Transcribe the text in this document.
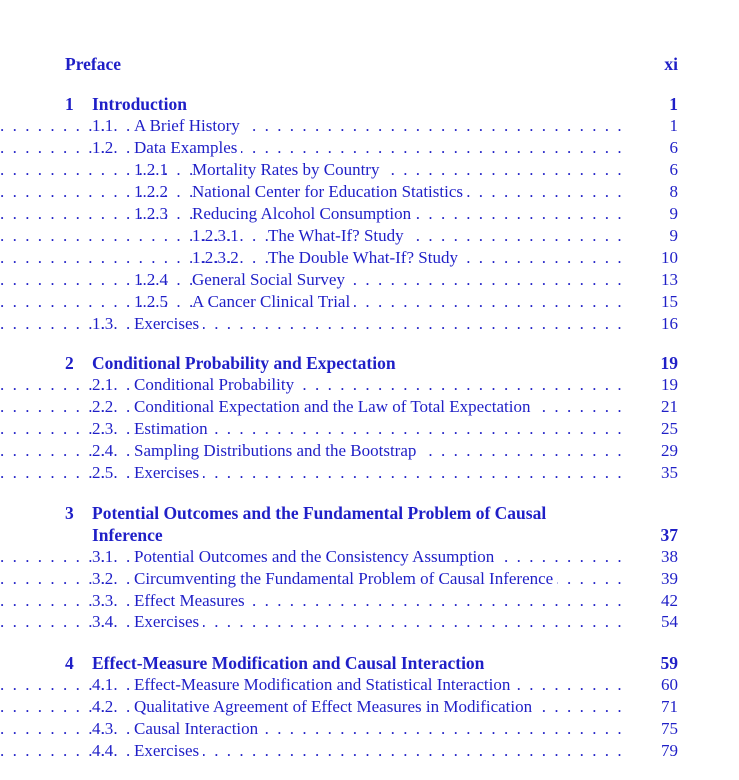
Preface	xi
1 Introduction	1
. . .
1.1 A Brief History	1
. . .
1.2 Data Examples	6
. . .
1.2.1 Mortality Rates by Country	6
. . .
1.2.2 National Center for Education Statistics	8
. . .
1.2.3 Reducing Alcohol Consumption	9
. . .
1.2.3.1 The What-If? Study	9
. . .
1.2.3.2 The Double What-If? Study	10
. . .
1.2.4 General Social Survey	13
. . .
1.2.5 A Cancer Clinical Trial	15
. . .
1.3 Exercises	16
2 Conditional Probability and Expectation	19
. . .
2.1 Conditional Probability	19
. . .
2.2 Conditional Expectation and the Law of Total Expectation	21
. . .
2.3 Estimation	25
. . .
2.4 Sampling Distributions and the Bootstrap	29
. . .
2.5 Exercises	35
3 Potential Outcomes and the Fundamental Problem of Causal
Inference	37
. . .
3.1 Potential Outcomes and the Consistency Assumption	38
. . .
3.2 Circumventing the Fundamental Problem of Causal Inference	39
. . .
3.3 Effect Measures	42
. . .
3.4 Exercises	54
4 Effect-Measure Modification and Causal Interaction	59
. . .
4.1 Effect-Measure Modification and Statistical Interaction	60
. . .
4.2 Qualitative Agreement of Effect Measures in Modification	71
. . .
4.3 Causal Interaction	75
. . .
4.4 Exercises	79
